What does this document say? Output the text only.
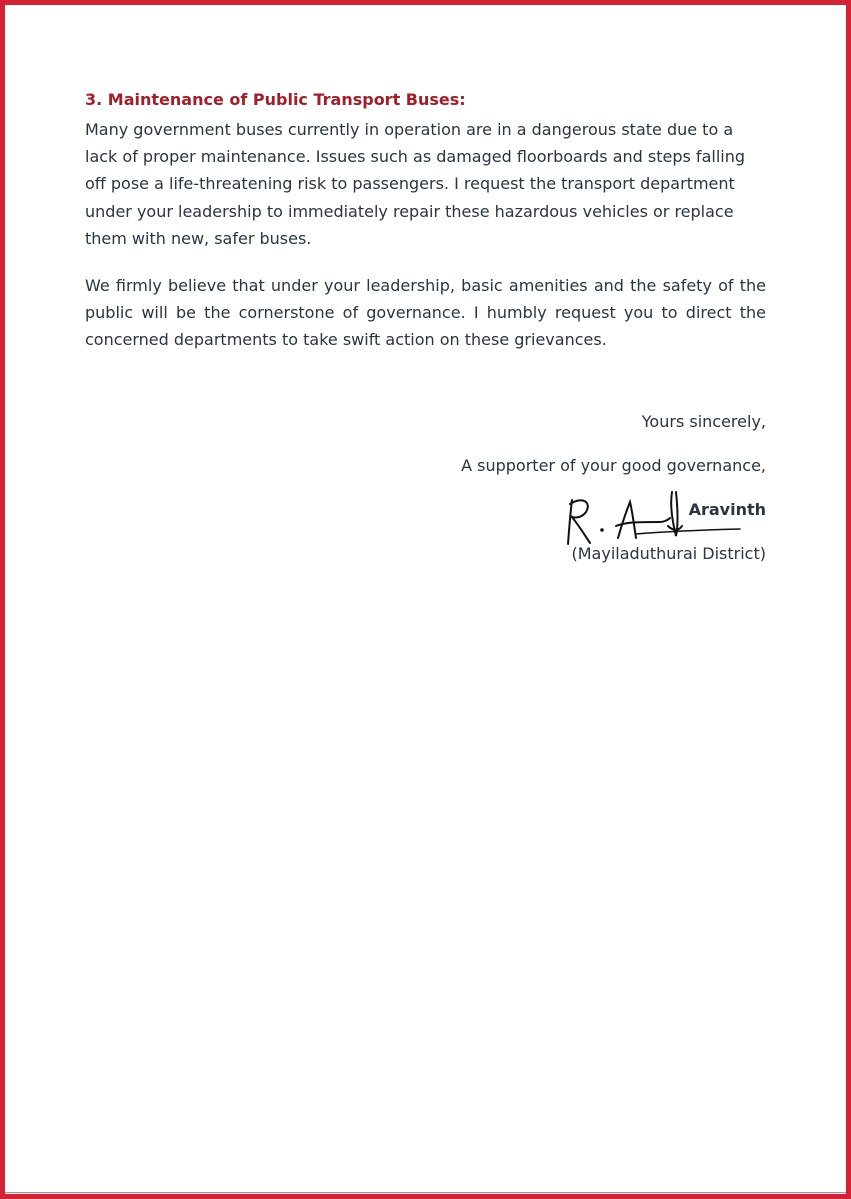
3. Maintenance of Public Transport Buses:

Many government buses currently in operation are in a dangerous state due to a lack of proper maintenance. Issues such as damaged floorboards and steps falling off pose a life-threatening risk to passengers. I request the transport department under your leadership to immediately repair these hazardous vehicles or replace them with new, safer buses.

We firmly believe that under your leadership, basic amenities and the safety of the public will be the cornerstone of governance. I humbly request you to direct the concerned departments to take swift action on these grievances.

Yours sincerely,
A supporter of your good governance,
Aravinth
(Mayiladuthurai District)
